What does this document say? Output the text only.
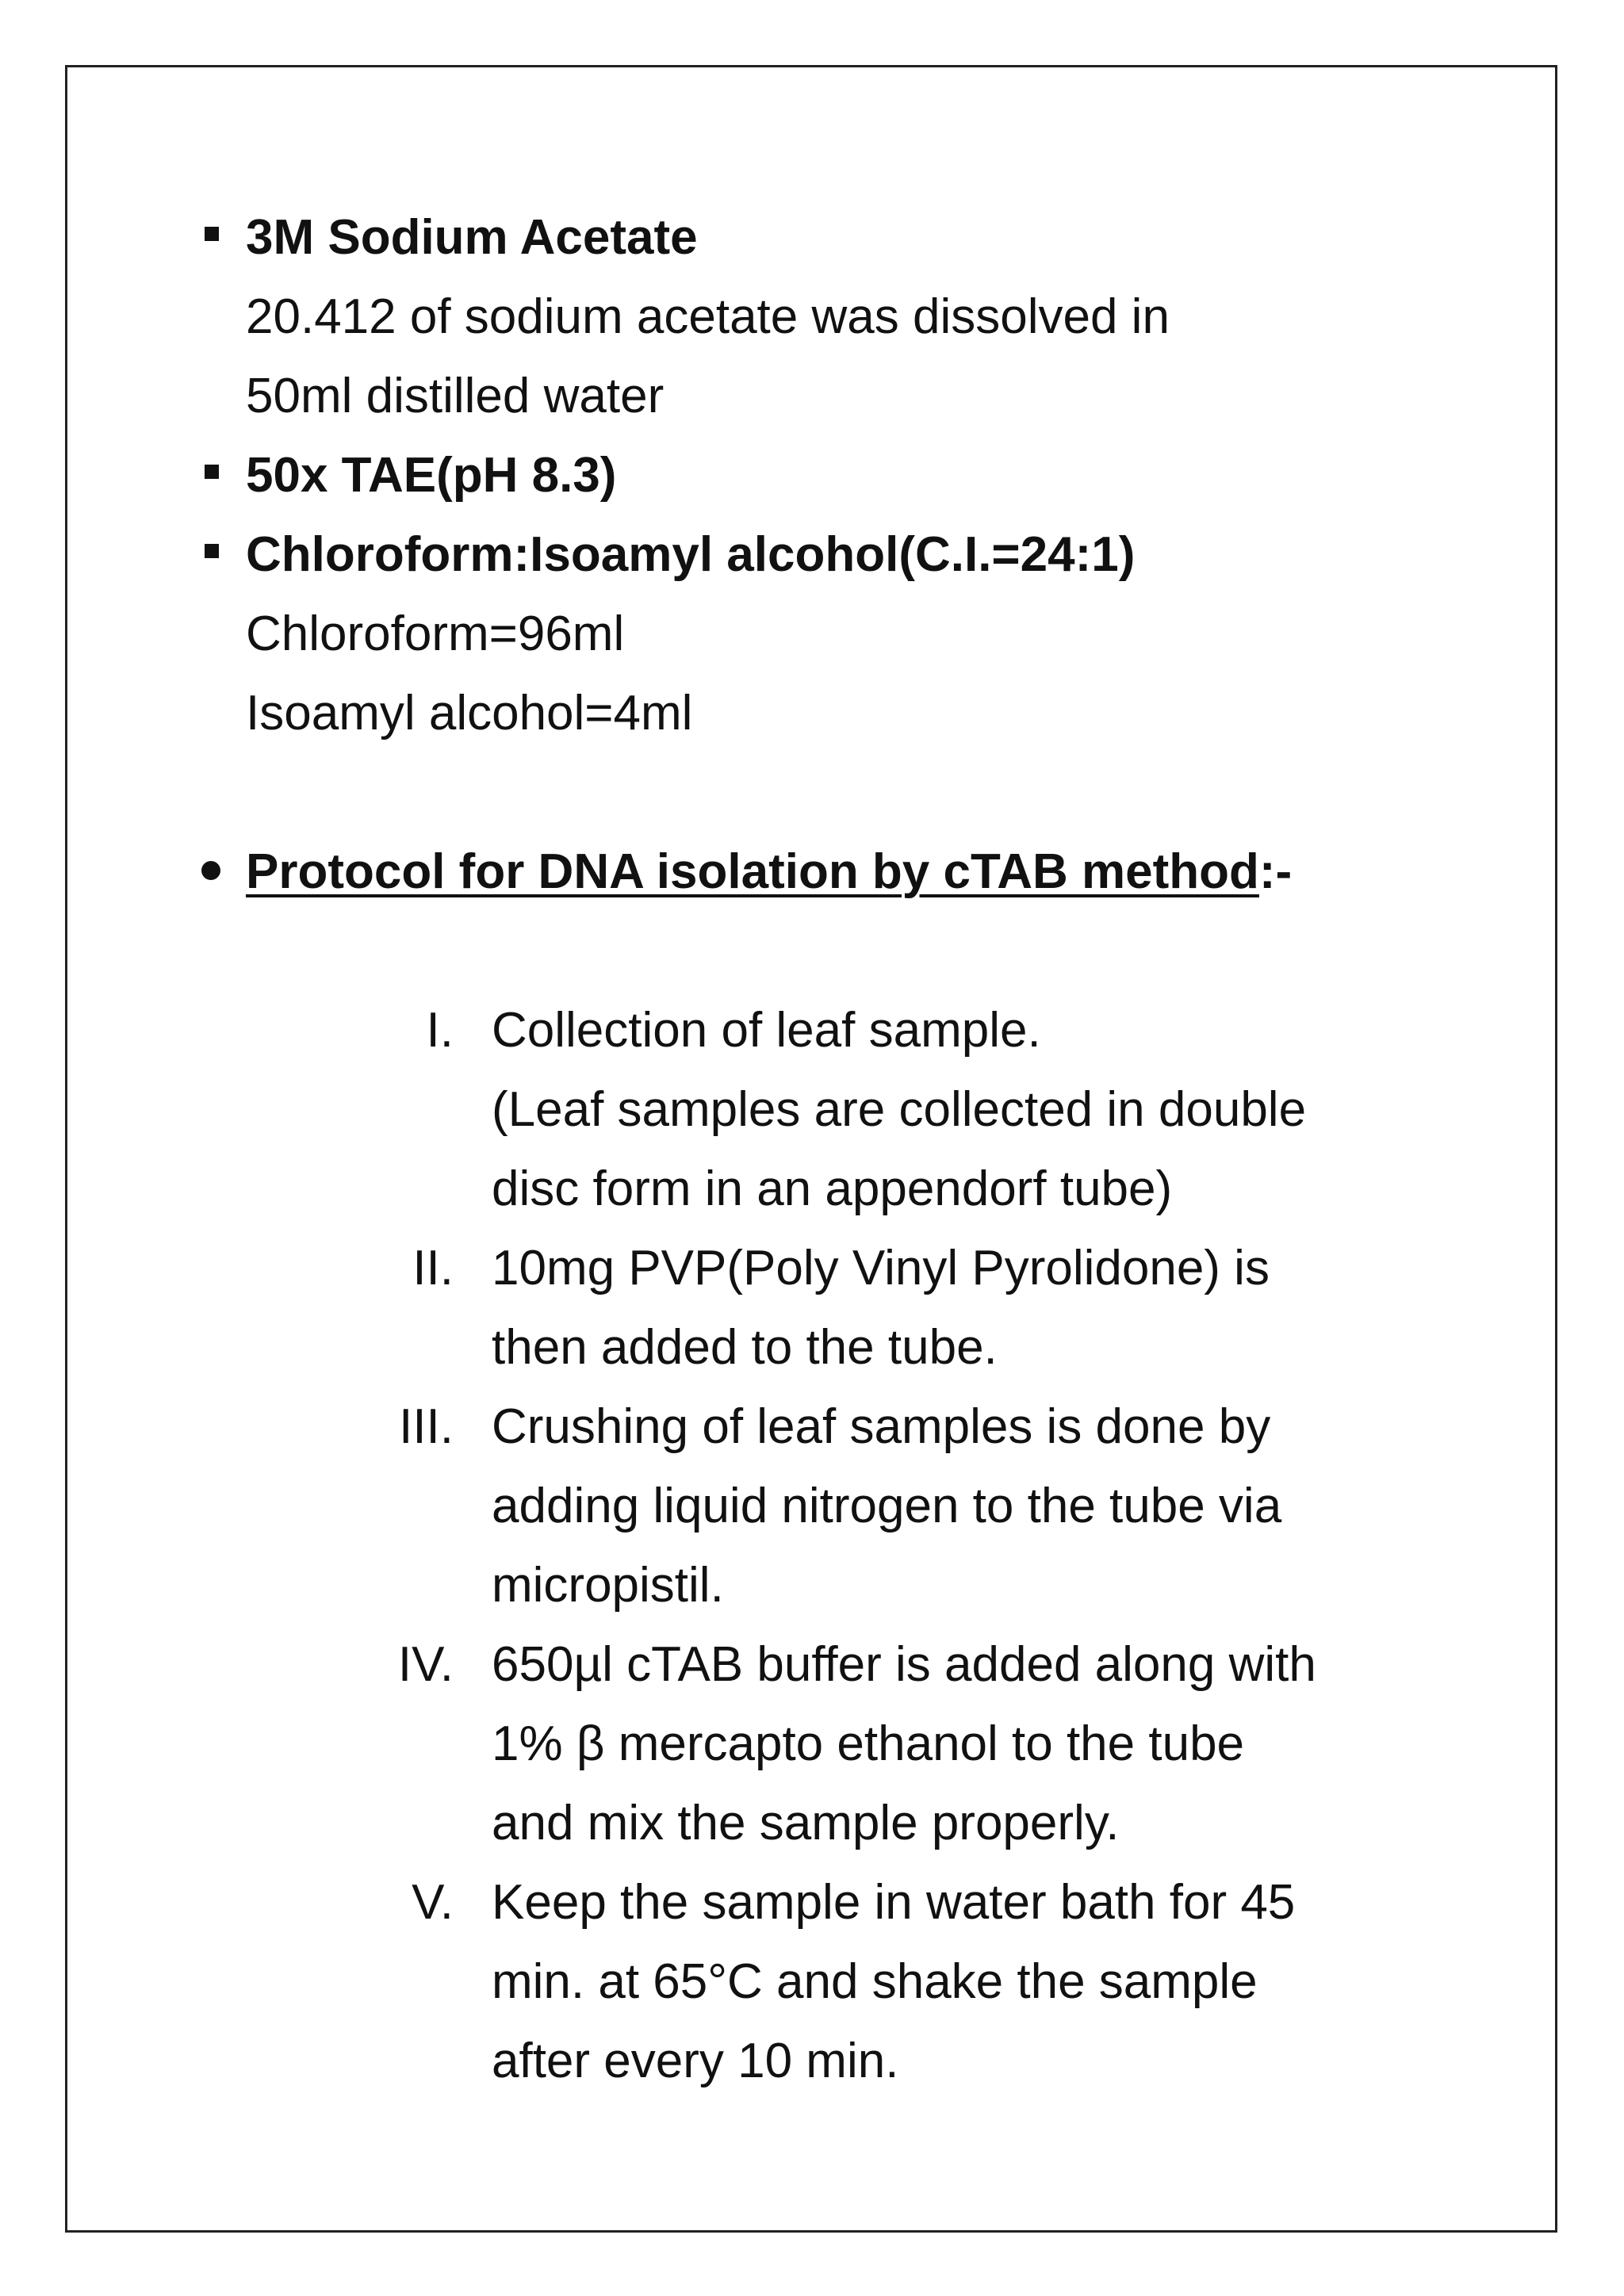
3M Sodium Acetate
20.412 of sodium acetate was dissolved in
50ml distilled water
50x TAE(pH 8.3)
Chloroform:Isoamyl alcohol(C.I.=24:1)
Chloroform=96ml
Isoamyl alcohol=4ml
Protocol for DNA isolation by cTAB method:-
I. Collection of leaf sample.
(Leaf samples are collected in double
disc form in an appendorf tube)
II. 10mg PVP(Poly Vinyl Pyrolidone) is
then added to the tube.
III. Crushing of leaf samples is done by
adding liquid nitrogen to the tube via
micropistil.
IV. 650µl cTAB buffer is added along with
1% β mercapto ethanol to the tube
and mix the sample properly.
V. Keep the sample in water bath for 45
min. at 65°C and shake the sample
after every 10 min.
